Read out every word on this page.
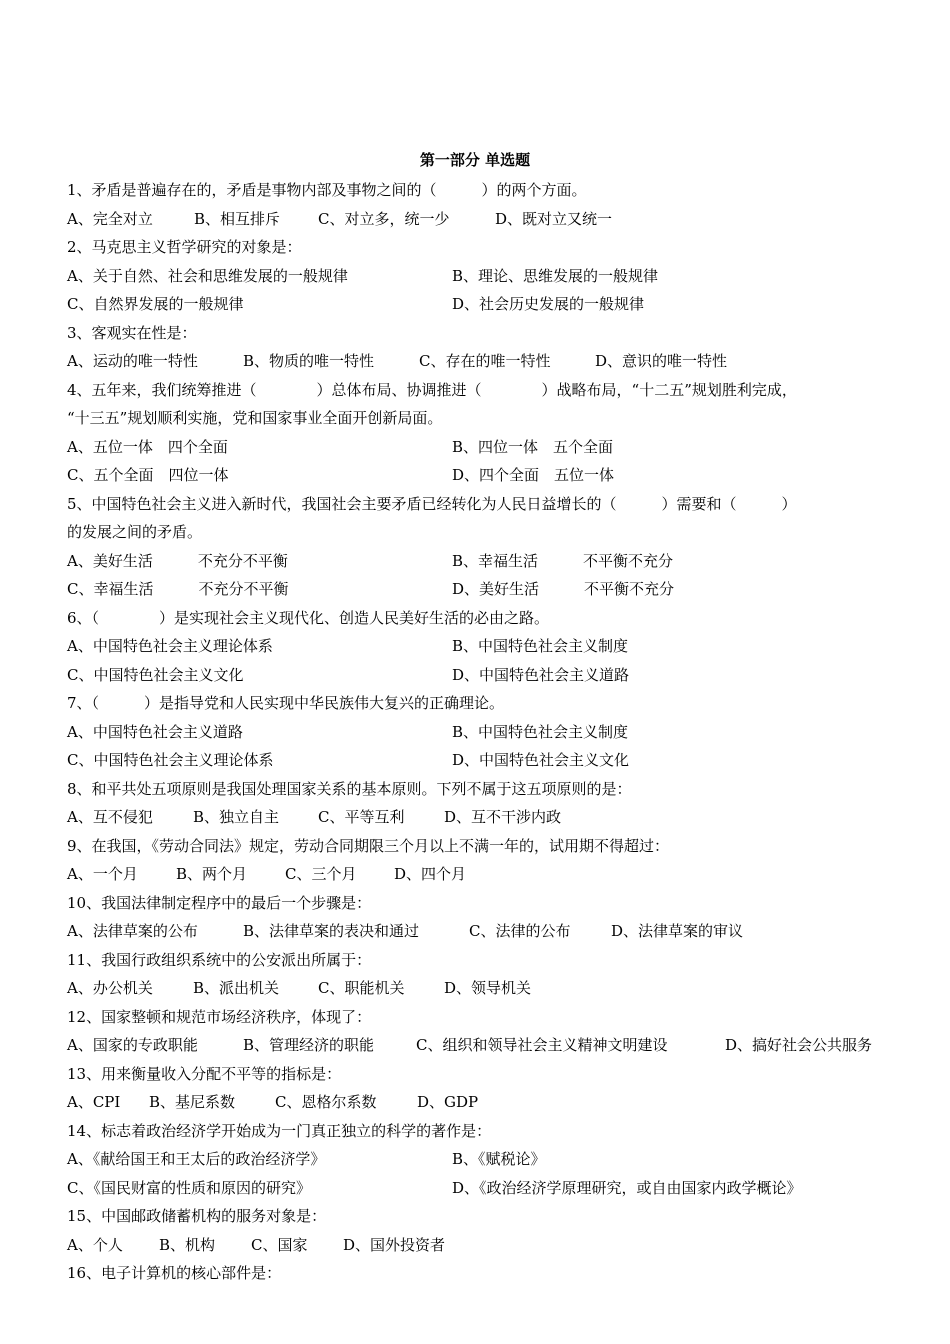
第一部分 单选题
1、矛盾是普遍存在的，矛盾是事物内部及事物之间的（　　　）的两个方面。
A、完全对立	B、相互排斥	C、对立多，统一少	D、既对立又统一
2、马克思主义哲学研究的对象是：
A、关于自然、社会和思维发展的一般规律	B、理论、思维发展的一般规律
C、自然界发展的一般规律	D、社会历史发展的一般规律
3、客观实在性是：
A、运动的唯一特性	B、物质的唯一特性	C、存在的唯一特性	D、意识的唯一特性
4、五年来，我们统筹推进（　　　　）总体布局、协调推进（　　　　）战略布局，“十二五”规划胜利完成，
“十三五”规划顺利实施，党和国家事业全面开创新局面。
A、五位一体　四个全面	B、四位一体　五个全面
C、五个全面　四位一体	D、四个全面　五位一体
5、中国特色社会主义进入新时代，我国社会主要矛盾已经转化为人民日益增长的（　　　）需要和（　　　）
的发展之间的矛盾。
A、美好生活　　　不充分不平衡	B、幸福生活　　　不平衡不充分
C、幸福生活　　　不充分不平衡	D、美好生活　　　不平衡不充分
6、（　　　　）是实现社会主义现代化、创造人民美好生活的必由之路。
A、中国特色社会主义理论体系	B、中国特色社会主义制度
C、中国特色社会主义文化	D、中国特色社会主义道路
7、（　　　）是指导党和人民实现中华民族伟大复兴的正确理论。
A、中国特色社会主义道路	B、中国特色社会主义制度
C、中国特色社会主义理论体系	D、中国特色社会主义文化
8、和平共处五项原则是我国处理国家关系的基本原则。下列不属于这五项原则的是：
A、互不侵犯	B、独立自主	C、平等互利	D、互不干涉内政
9、在我国，《劳动合同法》规定，劳动合同期限三个月以上不满一年的，试用期不得超过：
A、一个月	B、两个月	C、三个月	D、四个月
10、我国法律制定程序中的最后一个步骤是：
A、法律草案的公布	B、法律草案的表决和通过	C、法律的公布	D、法律草案的审议
11、我国行政组织系统中的公安派出所属于：
A、办公机关	B、派出机关	C、职能机关	D、领导机关
12、国家整顿和规范市场经济秩序，体现了：
A、国家的专政职能	B、管理经济的职能	C、组织和领导社会主义精神文明建设	D、搞好社会公共服务
13、用来衡量收入分配不平等的指标是：
A、CPI B、基尼系数	C、恩格尔系数	D、GDP
14、标志着政治经济学开始成为一门真正独立的科学的著作是：
A、《献给国王和王太后的政治经济学》	B、《赋税论》
C、《国民财富的性质和原因的研究》	D、《政治经济学原理研究，或自由国家内政学概论》
15、中国邮政储蓄机构的服务对象是：
A、个人 B、机构 C、国家 D、国外投资者
16、电子计算机的核心部件是：
